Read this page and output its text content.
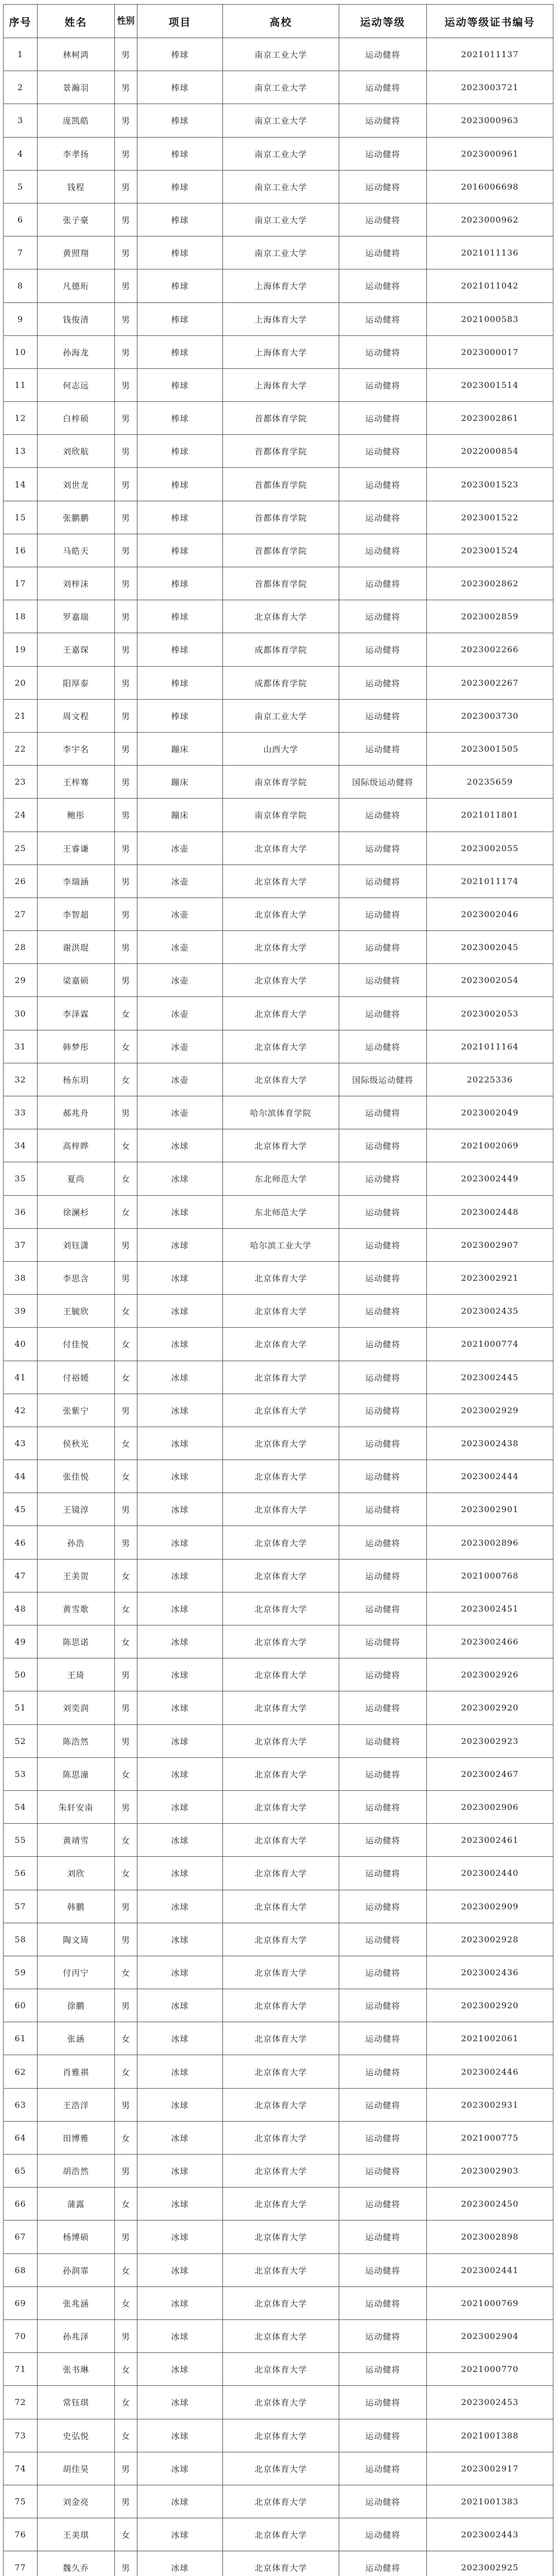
序号	姓名	性别	项目	高校	运动等级	运动等级证书编号
1	林柯鸿	男	棒球	南京工业大学	运动健将	2021011137
2	景瀚羽	男	棒球	南京工业大学	运动健将	2023003721
3	庞凯皓	男	棒球	南京工业大学	运动健将	2023000963
4	李孝扬	男	棒球	南京工业大学	运动健将	2023000961
5	钱程	男	棒球	南京工业大学	运动健将	2016006698
6	张子豪	男	棒球	南京工业大学	运动健将	2023000962
7	黄照翔	男	棒球	南京工业大学	运动健将	2021011136
8	凡德珩	男	棒球	上海体育大学	运动健将	2021011042
9	钱俊清	男	棒球	上海体育大学	运动健将	2021000583
10	孙海龙	男	棒球	上海体育大学	运动健将	2023000017
11	何志远	男	棒球	上海体育大学	运动健将	2023001514
12	白梓硕	男	棒球	首都体育学院	运动健将	2023002861
13	刘欣航	男	棒球	首都体育学院	运动健将	2022000854
14	刘世龙	男	棒球	首都体育学院	运动健将	2023001523
15	张鹏鹏	男	棒球	首都体育学院	运动健将	2023001522
16	马皓天	男	棒球	首都体育学院	运动健将	2023001524
17	刘梓沫	男	棒球	首都体育学院	运动健将	2023002862
18	罗嘉瑞	男	棒球	北京体育大学	运动健将	2023002859
19	王嘉琛	男	棒球	成都体育学院	运动健将	2023002266
20	阳厚泰	男	棒球	成都体育学院	运动健将	2023002267
21	周文程	男	棒球	南京工业大学	运动健将	2023003730
22	李宇名	男	蹦床	山西大学	运动健将	2023001505
23	王梓骞	男	蹦床	南京体育学院	国际级运动健将	20235659
24	鲍彤	男	蹦床	南京体育学院	运动健将	2021011801
25	王睿谦	男	冰壶	北京体育大学	运动健将	2023002055
26	李瑞涵	男	冰壶	北京体育大学	运动健将	2021011174
27	李智超	男	冰壶	北京体育大学	运动健将	2023002046
28	谢洪琨	男	冰壶	北京体育大学	运动健将	2023002045
29	梁嘉硕	男	冰壶	北京体育大学	运动健将	2023002054
30	李泽霖	女	冰壶	北京体育大学	运动健将	2023002053
31	韩梦彤	女	冰壶	北京体育大学	运动健将	2021011164
32	杨东玥	女	冰壶	北京体育大学	国际级运动健将	20225336
33	郝兆舟	男	冰壶	哈尔滨体育学院	运动健将	2023002049
34	高梓晔	女	冰球	北京体育大学	运动健将	2021002069
35	夏尚	女	冰球	东北师范大学	运动健将	2023002449
36	徐澜杉	女	冰球	东北师范大学	运动健将	2023002448
37	刘钰潇	男	冰球	哈尔滨工业大学	运动健将	2023002907
38	李思含	男	冰球	北京体育大学	运动健将	2023002921
39	王毓欣	女	冰球	北京体育大学	运动健将	2023002435
40	付佳悦	女	冰球	北京体育大学	运动健将	2021000774
41	付裕媛	女	冰球	北京体育大学	运动健将	2023002445
42	张紫宁	男	冰球	北京体育大学	运动健将	2023002929
43	侯秋光	女	冰球	北京体育大学	运动健将	2023002438
44	张佳悦	女	冰球	北京体育大学	运动健将	2023002444
45	王镜淳	男	冰球	北京体育大学	运动健将	2023002901
46	孙浩	男	冰球	北京体育大学	运动健将	2023002896
47	王美贺	女	冰球	北京体育大学	运动健将	2021000768
48	黄雪歌	女	冰球	北京体育大学	运动健将	2023002451
49	陈思诺	女	冰球	北京体育大学	运动健将	2023002466
50	王琦	男	冰球	北京体育大学	运动健将	2023002926
51	刘奕润	男	冰球	北京体育大学	运动健将	2023002920
52	陈浩然	男	冰球	北京体育大学	运动健将	2023002923
53	陈思潼	女	冰球	北京体育大学	运动健将	2023002467
54	朱轩安南	男	冰球	北京体育大学	运动健将	2023002906
55	黄靖雪	女	冰球	北京体育大学	运动健将	2023002461
56	刘欣	女	冰球	北京体育大学	运动健将	2023002440
57	韩鹏	男	冰球	北京体育大学	运动健将	2023002909
58	陶文琦	男	冰球	北京体育大学	运动健将	2023002928
59	付丙宁	女	冰球	北京体育大学	运动健将	2023002436
60	徐鹏	男	冰球	北京体育大学	运动健将	2023002920
61	张涵	女	冰球	北京体育大学	运动健将	2021002061
62	肖雅祺	女	冰球	北京体育大学	运动健将	2023002446
63	王浩洋	男	冰球	北京体育大学	运动健将	2023002931
64	田博雅	女	冰球	北京体育大学	运动健将	2021000775
65	胡浩然	男	冰球	北京体育大学	运动健将	2023002903
66	蒲露	女	冰球	北京体育大学	运动健将	2023002450
67	杨博硕	男	冰球	北京体育大学	运动健将	2023002898
68	孙润霏	女	冰球	北京体育大学	运动健将	2023002441
69	张兆涵	女	冰球	北京体育大学	运动健将	2021000769
70	孙兆泽	男	冰球	北京体育大学	运动健将	2023002904
71	张书琳	女	冰球	北京体育大学	运动健将	2021000770
72	常钰琪	女	冰球	北京体育大学	运动健将	2023002453
73	史弘悦	女	冰球	北京体育大学	运动健将	2021001388
74	胡佳昊	男	冰球	北京体育大学	运动健将	2023002917
75	刘金亮	男	冰球	北京体育大学	运动健将	2021001383
76	王美琪	女	冰球	北京体育大学	运动健将	2023002443
77	魏久乔	男	冰球	北京体育大学	运动健将	2023002925
